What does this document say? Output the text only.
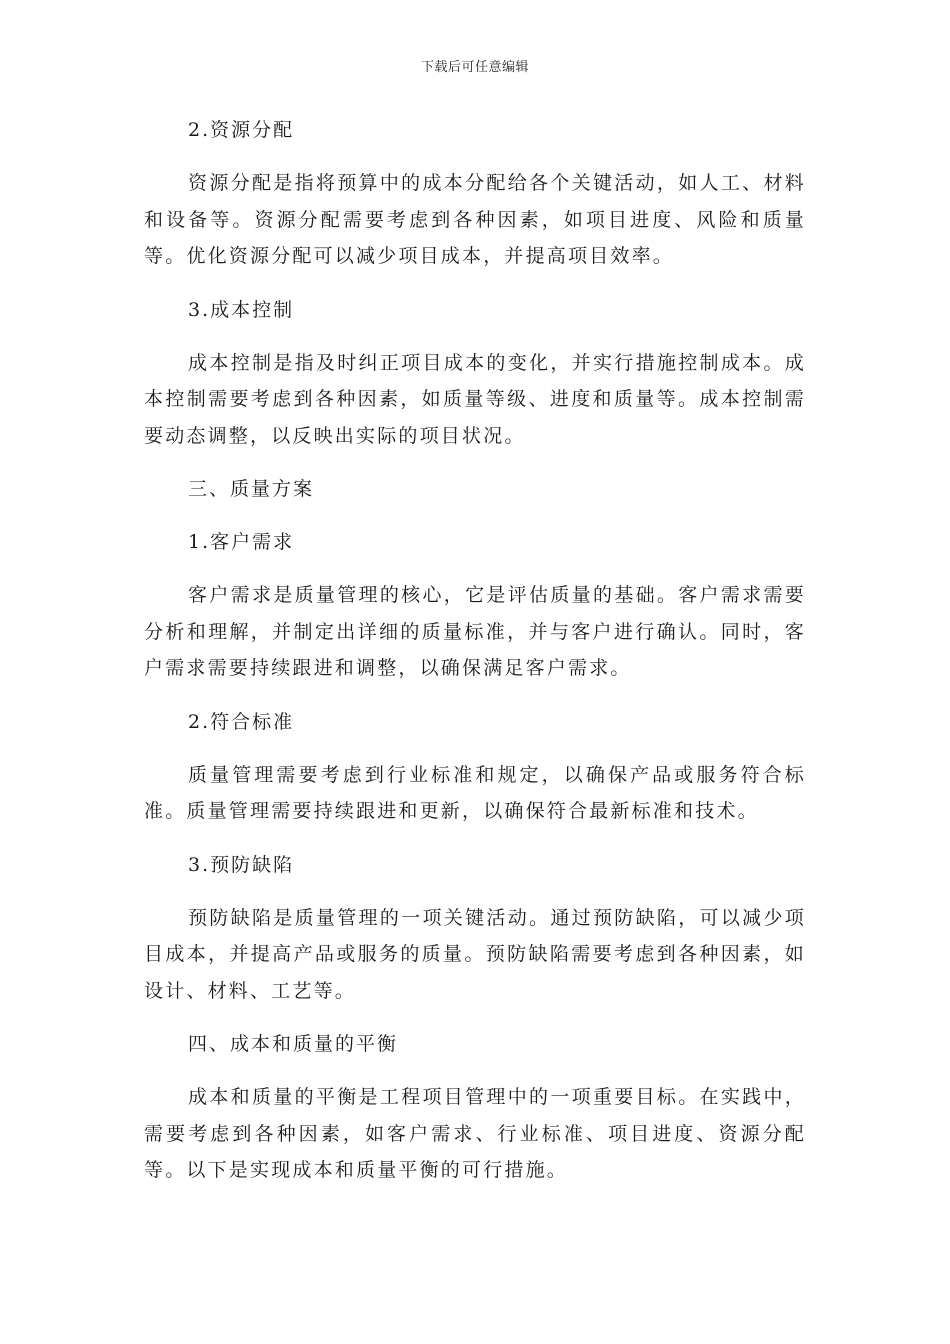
下载后可任意编辑
2.资源分配

资源分配是指将预算中的成本分配给各个关键活动，如人工、材料和设备等。资源分配需要考虑到各种因素，如项目进度、风险和质量等。优化资源分配可以减少项目成本，并提高项目效率。

3.成本控制

成本控制是指及时纠正项目成本的变化，并实行措施控制成本。成本控制需要考虑到各种因素，如质量等级、进度和质量等。成本控制需要动态调整，以反映出实际的项目状况。

三、质量方案
1.客户需求

客户需求是质量管理的核心，它是评估质量的基础。客户需求需要分析和理解，并制定出详细的质量标准，并与客户进行确认。同时，客户需求需要持续跟进和调整，以确保满足客户需求。

2.符合标准

质量管理需要考虑到行业标准和规定，以确保产品或服务符合标准。质量管理需要持续跟进和更新，以确保符合最新标准和技术。

3.预防缺陷

预防缺陷是质量管理的一项关键活动。通过预防缺陷，可以减少项目成本，并提高产品或服务的质量。预防缺陷需要考虑到各种因素，如设计、材料、工艺等。

四、成本和质量的平衡

成本和质量的平衡是工程项目管理中的一项重要目标。在实践中，需要考虑到各种因素，如客户需求、行业标准、项目进度、资源分配等。以下是实现成本和质量平衡的可行措施。
